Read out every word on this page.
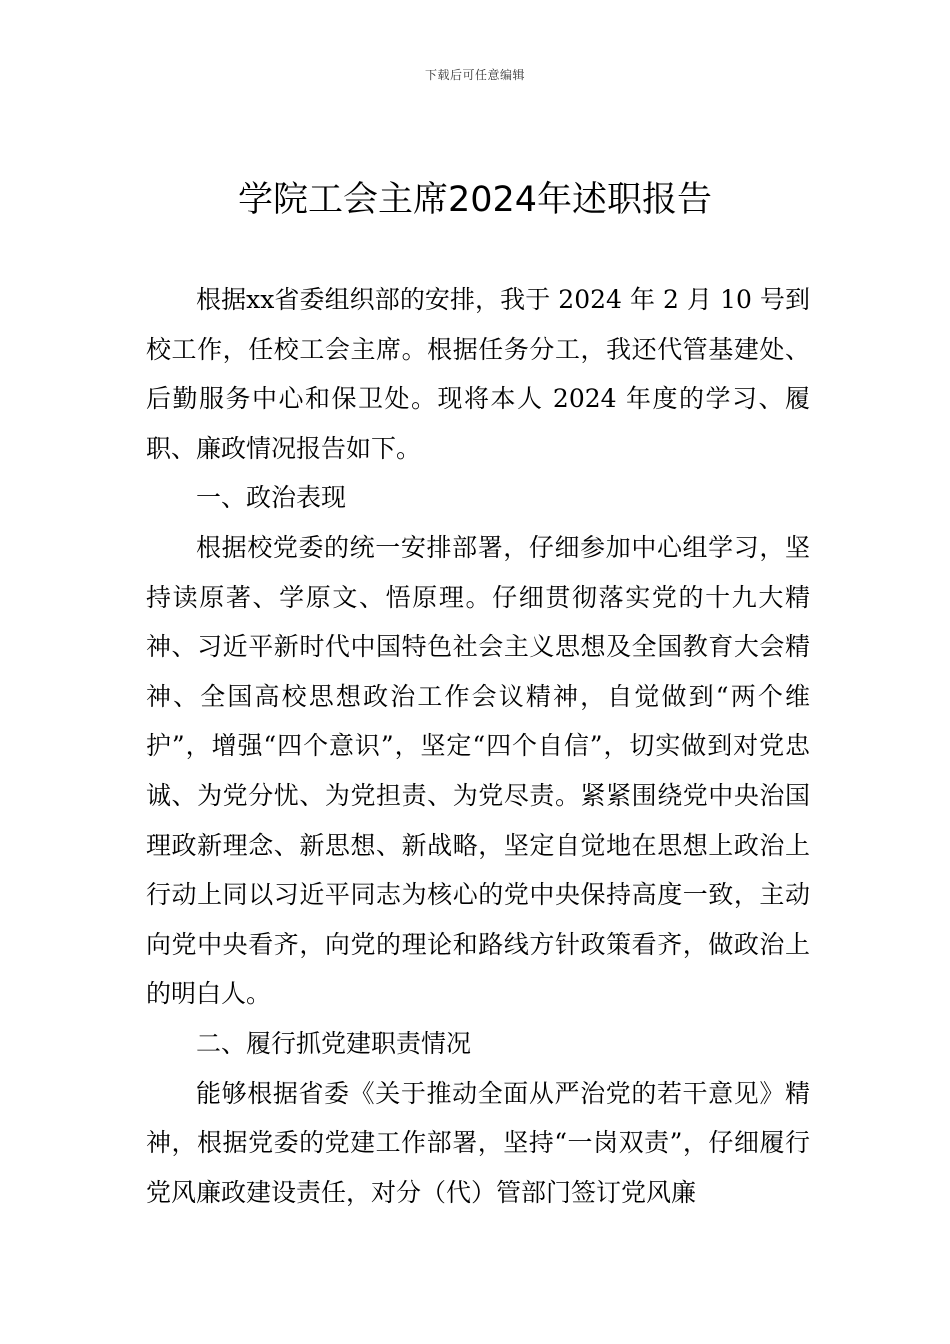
下载后可任意编辑
学院工会主席2024年述职报告

根据xx省委组织部的安排，我于 2024 年 2 月 10 号到校工作，任校工会主席。根据任务分工，我还代管基建处、后勤服务中心和保卫处。现将本人 2024 年度的学习、履职、廉政情况报告如下。

一、政治表现

根据校党委的统一安排部署，仔细参加中心组学习，坚持读原著、学原文、悟原理。仔细贯彻落实党的十九大精神、习近平新时代中国特色社会主义思想及全国教育大会精神、全国高校思想政治工作会议精神，自觉做到“两个维护”，增强“四个意识”，坚定“四个自信”，切实做到对党忠诚、为党分忧、为党担责、为党尽责。紧紧围绕党中央治国理政新理念、新思想、新战略，坚定自觉地在思想上政治上行动上同以习近平同志为核心的党中央保持高度一致，主动向党中央看齐，向党的理论和路线方针政策看齐，做政治上的明白人。

二、履行抓党建职责情况

能够根据省委《关于推动全面从严治党的若干意见》精神，根据党委的党建工作部署，坚持“一岗双责”，仔细履行党风廉政建设责任，对分（代）管部门签订党风廉
